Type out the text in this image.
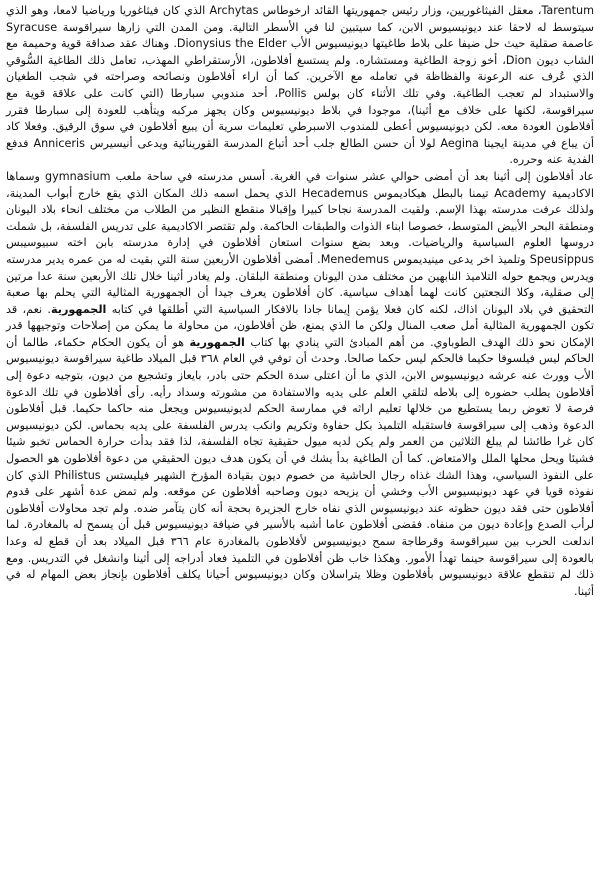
Tarentum، معقل الفيثاغوريين، وزار رئيس جمهوريتها القائد ارخوطاس Archytas الذي كان فيثاغوريا ورياضيا لامعا، وهو الذي سيتوسط له لاحقا عند ديونيسيوس الابن، كما سيتبين لنا في الأسطر التالية. ومن المدن التي زارها سيراقوسة Syracuse عاصمة صقلية حيث حل ضيفا على بلاط طاغيتها ديونيسيوس الأب Dionysius the Elder. وهناك عقد صداقة قوية وحميمة مع الشاب ديون Dion، أخو زوجة الطاغية ومستشاره. ولم يستسغ أفلاطون، الأرستقراطي المهذب، تعامل ذلك الطاغية السُّوقي الذي عُرف عنه الرعونة والفظاظة في تعامله مع الآخرين. كما أن اراء أفلاطون ونصائحه وصراحته في شجب الطغيان والاستبداد لم تعجب الطاغية. وفي تلك الأثناء كان بولس Pollis، أحد مندوبي سبارطا (التي كانت على علاقة قوية مع سيراقوسة، لكنها على خلاف مع أثينا)، موجودا في بلاط ديونيسيوس وكان يجهز مركبه ويتأهب للعودة إلى سبارطا فقرر أفلاطون العودة معه. لكن ديونيسيوس أعطى للمندوب الاسبرطي تعليمات سرية أن يبيع أفلاطون في سوق الرقيق. وفعلا كاد أن يباع في مدينة ايجينا Aegina لولا أن حسن الطالع جلب أحد أتباع المدرسة القورينائية ويدعى أنيسيرس Anniceris فدفع الفدية عنه وحرره.

عاد أفلاطون إلى أثينا بعد أن أمضى حوالي عشر سنوات في الغربة. أسس مدرسته في ساحة ملعب gymnasium وسماها الاكاديمية Academy تيمنا بالبطل هيكاديموس Hecademus الذي يحمل اسمه ذلك المكان الذي يقع خارج أبواب المدينة، ولذلك عرفت مدرسته بهذا الإسم. ولقيت المدرسة نجاحا كبيرا وإقبالا منقطع النظير من الطلاب من مختلف انحاء بلاد اليونان ومنطقة البحر الأبيض المتوسط، خصوصا ابناء الذوات والطبقات الحاكمة. ولم تقتصر الاكاديمية على تدريس الفلسفة، بل شملت دروسها العلوم السياسية والرياضيات. وبعد بضع سنوات استعان أفلاطون في إدارة مدرسته بابن اخته سبيوسيبس Speusippus وتلميذ اخر يدعى مينيديموس Menedemus. أمضى أفلاطون الأربعين سنة التي بقيت له من عمره يدير مدرسته ويدرس ويجمع حوله التلاميذ النابهين من مختلف مدن اليونان ومنطقة البلقان. ولم يغادر أثينا خلال تلك الأربعين سنة عدا مرتين إلى صقلية، وكلا النجعتين كانت لهما أهداف سياسية. كان أفلاطون يعرف جيدا أن الجمهورية المثالية التي يحلم بها صعبة التحقيق في بلاد اليونان اذاك، لكنه كان فعلا يؤمن إيمانا جادا بالافكار السياسية التي أطلقها في كتابه الجمهورية. نعم، قد تكون الجمهورية المثالية أمل صعب المنال ولكن ما الذي يمنع، ظن أفلاطون، من محاولة ما يمكن من إصلاحات وتوجيهها قدر الإمكان نحو ذلك الهدف الطوباوي. من أهم المبادئ التي ينادي بها كتاب الجمهورية هو أن يكون الحكام حكماء، طالما أن الحاكم ليس فيلسوفا حكيما فالحكم ليس حكما صالحا. وحدث أن توفي في العام ٣٦٨ قبل الميلاد طاغية سيراقوسة ديونيسيوس الأب وورث عنه عرشه ديونيسيوس الابن، الذي ما أن اعتلى سدة الحكم حتى بادر، بايعاز وتشجيع من ديون، بتوجيه دعوة إلى أفلاطون يطلب حضوره إلى بلاطه لتلقي العلم على يديه والاستفادة من مشورته وسداد رأيه. رأى أفلاطون في تلك الدعوة فرصة لا تعوض ربما يستطيع من خلالها تعليم اراثه في ممارسة الحكم لديونيسيوس ويجعل منه حاكما حكيما. قبل أفلاطون الدعوة وذهب إلى سيراقوسة فاستقبله التلميذ بكل حفاوة وتكريم وانكب يدرس الفلسفة على يديه بحماس. لكن ديونيسيوس كان غرا طائشا لم يبلغ الثلاثين من العمر ولم يكن لديه ميول حقيقية تجاه الفلسفة، لذا فقد بدأت حرارة الحماس تخبو شيئا فشيئا ويحل محلها الملل والامتعاض. كما أن الطاغية بدأ يشك في أن يكون هدف ديون الحقيقي من دعوة أفلاطون هو الحصول على النفوذ السياسي، وهذا الشك غذاه رجال الحاشية من خصوم ديون بقيادة المؤرخ الشهير فيليستس Philistus الذي كان نفوذه قويا في عهد ديونيسيوس الأب وخشي أن يزيحه ديون وصاحبه أفلاطون عن موقعه. ولم تمض عدة أشهر على قدوم أفلاطون حتى فقد ديون حظوته عند ديونيسيوس الذي نفاه خارج الجزيرة بحجة أنه كان يتآمر ضده. ولم تجد محاولات أفلاطون لرأب الصدع وإعادة ديون من منفاه. فقضى أفلاطون عاما أشبه بالأسير في ضيافة ديونيسيوس قبل أن يسمح له بالمغادرة. لما اندلعت الحرب بين سيراقوسة وقرطاجة سمح ديونيسيوس لأفلاطون بالمغادرة عام ٣٦٦ قبل الميلاد بعد أن قطع له وعدا بالعودة إلى سيراقوسة حينما تهدأ الأمور. وهكذا خاب ظن أفلاطون في التلميذ فعاد أدراجه إلى أثينا وانشغل في التدريس. ومع ذلك لم تنقطع علاقة ديونيسيوس بأفلاطون وظلا يتراسلان وكان ديونيسيوس أحيانا يكلف أفلاطون بإنجاز بعض المهام له في أثينا.
